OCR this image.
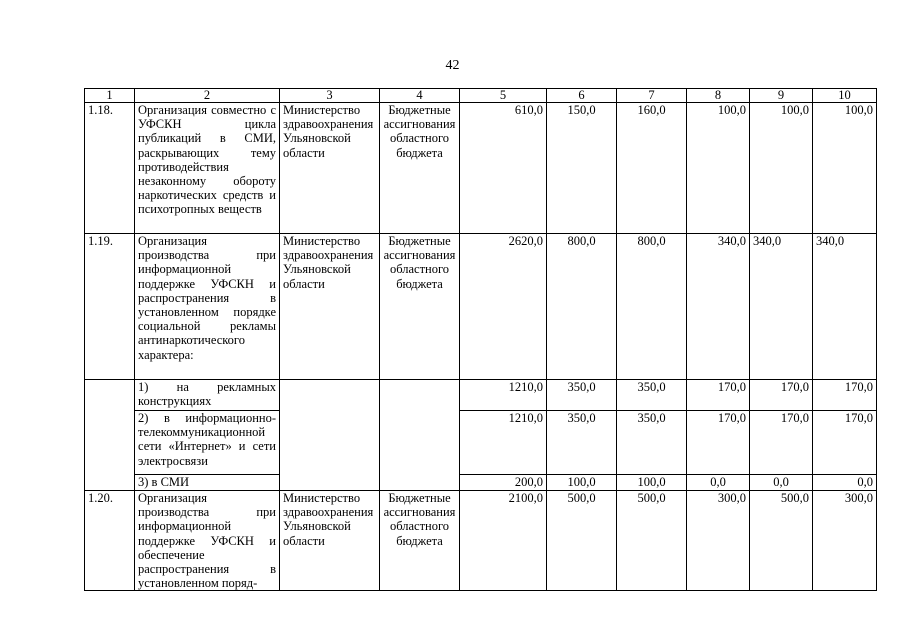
42
1	2	3	4	5	6	7	8	9	10
1.18.	Организация совместно с УФСКН цикла публикаций в СМИ, раскрывающих тему противодействия незаконному обороту наркотических средств и психотропных веществ	Министерство здравоохранения Ульяновской области	Бюджетные ассигнования областного бюджета	610,0	150,0	160,0	100,0	100,0	100,0
1.19.	Организация производства при информационной поддержке УФСКН и распространения в установленном порядке социальной рекламы антинаркотического характера:	Министерство здравоохранения Ульяновской области	Бюджетные ассигнования областного бюджета	2620,0	800,0	800,0	340,0	340,0	340,0
	1) на рекламных конструкциях			1210,0	350,0	350,0	170,0	170,0	170,0
	2) в информационно-телекоммуникационной сети «Интернет» и сети электросвязи			1210,0	350,0	350,0	170,0	170,0	170,0
	3) в СМИ			200,0	100,0	100,0	0,0	0,0	0,0
1.20.	Организация производства при информационной поддержке УФСКН и обеспечение распространения в установленном поряд-	Министерство здравоохранения Ульяновской области	Бюджетные ассигнования областного бюджета	2100,0	500,0	500,0	300,0	500,0	300,0
